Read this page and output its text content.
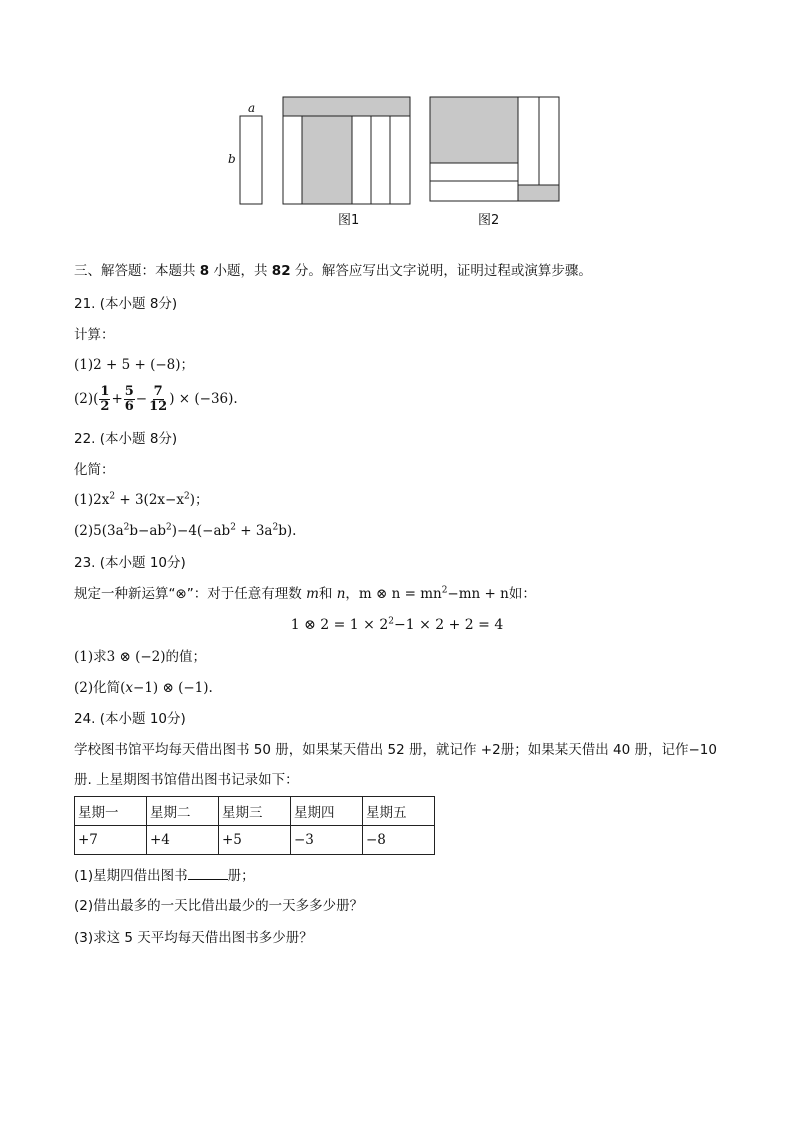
a
b
图1	图2
三、解答题：本题共 8 小题，共 82 分。解答应写出文字说明，证明过程或演算步骤。
21. (本小题 8分)
计算：
(1)2 + 5 + (−8)；
$(2)( \frac{1}{2} + \frac{5}{6} - \frac{7}{12}$ ) × (−36).
22. (本小题 8分)
化简：
$(1)2x^2 + 3(2x-x^2)$；
$(2)5(3a^2b-ab^2)-4(-ab^2 + 3a^2b)$.
23. (本小题 10分)
规定一种新运算“⊗”：对于任意有理数 m和 n，m ⊗ $n = mn^2-mn + n$如：
1 ⊗ $2 = 1 \times 2^2-1 \times 2 + 2 = 4$
(1)求3 ⊗ (−2)的值；
(2)化简(x−1) ⊗ (−1).
24. (本小题 10分)
学校图书馆平均每天借出图书 50 册，如果某天借出 52 册，就记作 +2册；如果某天借出 40 册，记作−10
册. 上星期图书馆借出图书记录如下：
星期一	星期二	星期三	星期四	星期五
+7	+4	+5	−3	−8
(1)星期四借出图书	册；
(2)借出最多的一天比借出最少的一天多多少册？
(3)求这 5 天平均每天借出图书多少册？
